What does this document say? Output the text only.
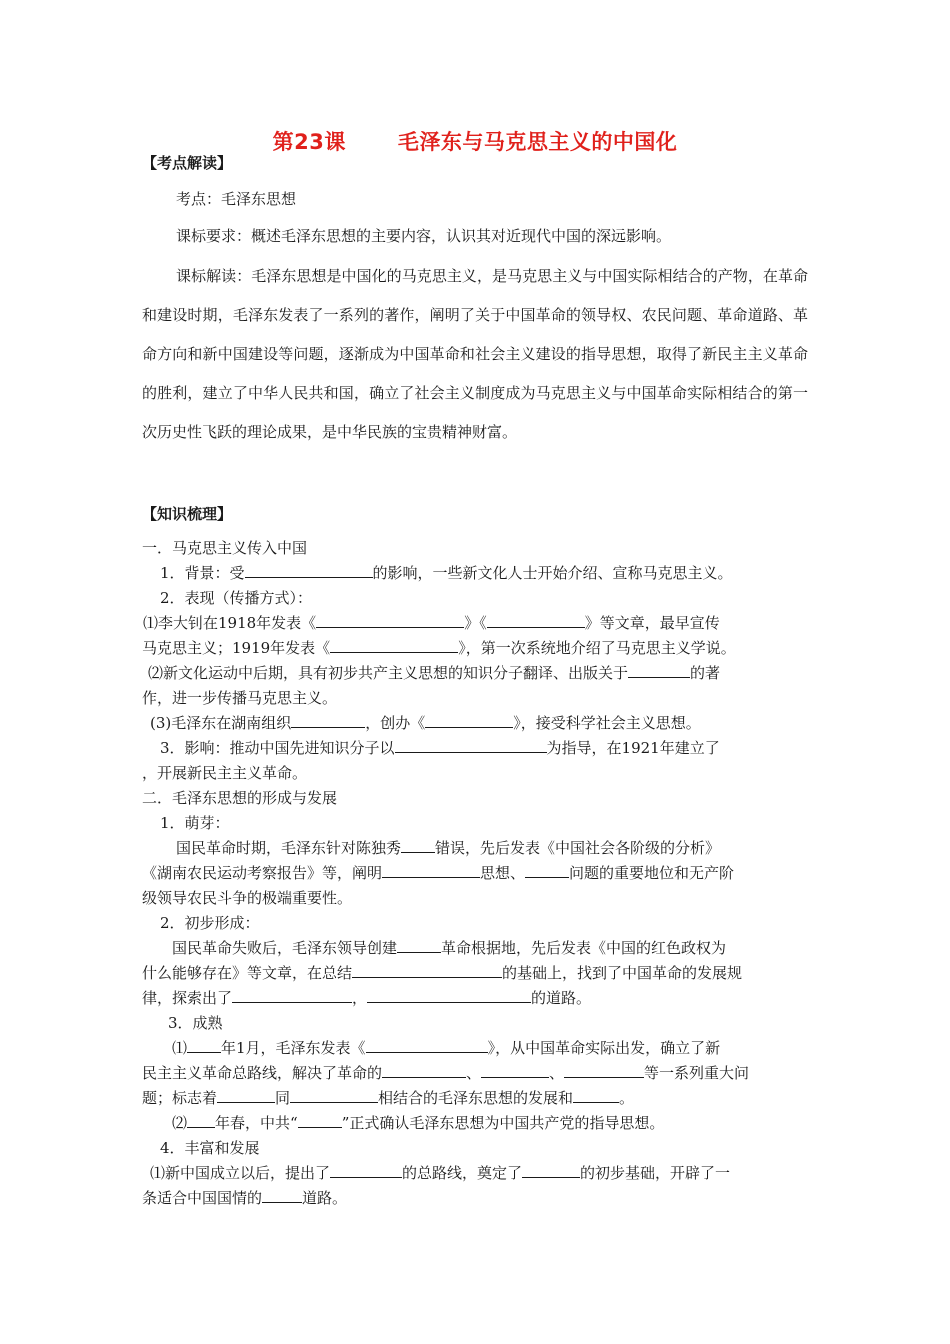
第23课 毛泽东与马克思主义的中国化
【考点解读】
考点：毛泽东思想
课标要求：概述毛泽东思想的主要内容，认识其对近现代中国的深远影响。
课标解读：毛泽东思想是中国化的马克思主义，是马克思主义与中国实际相结合的产物，在革命和建设时期，毛泽东发表了一系列的著作，阐明了关于中国革命的领导权、农民问题、革命道路、革命方向和新中国建设等问题，逐渐成为中国革命和社会主义建设的指导思想，取得了新民主主义革命的胜利，建立了中华人民共和国，确立了社会主义制度成为马克思主义与中国革命实际相结合的第一次历史性飞跃的理论成果，是中华民族的宝贵精神财富。
【知识梳理】
一．马克思主义传入中国
1．背景：受	的影响，一些新文化人士开始介绍、宣称马克思主义。
2．表现（传播方式）：
⑴李大钊在1918年发表《	》《	》等文章，最早宣传
马克思主义；1919年发表《	》，第一次系统地介绍了马克思主义学说。
⑵新文化运动中后期，具有初步共产主义思想的知识分子翻译、出版关于	的著
作，进一步传播马克思主义。
(3)毛泽东在湖南组织	，创办《	》，接受科学社会主义思想。
3．影响：推动中国先进知识分子以	为指导，在1921年建立了
，开展新民主主义革命。
二．毛泽东思想的形成与发展
1．萌芽：
国民革命时期，毛泽东针对陈独秀 错误，先后发表《中国社会各阶级的分析》
《湖南农民运动考察报告》等，阐明	思想、	问题的重要地位和无产阶
级领导农民斗争的极端重要性。
2．初步形成：
国民革命失败后，毛泽东领导创建	革命根据地，先后发表《中国的红色政权为
什么能够存在》等文章，在总结	的基础上，找到了中国革命的发展规
律，探索出了	，	的道路。
3．成熟
⑴ 年1月，毛泽东发表《	》，从中国革命实际出发，确立了新
民主主义革命总路线，解决了革命的	、	、	等一系列重大问
题；标志着	同	相结合的毛泽东思想的发展和	。
⑵ 年春，中共“	”正式确认毛泽东思想为中国共产党的指导思想。
4．丰富和发展
⑴新中国成立以后，提出了	的总路线，奠定了	的初步基础，开辟了一
条适合中国国情的	道路。
